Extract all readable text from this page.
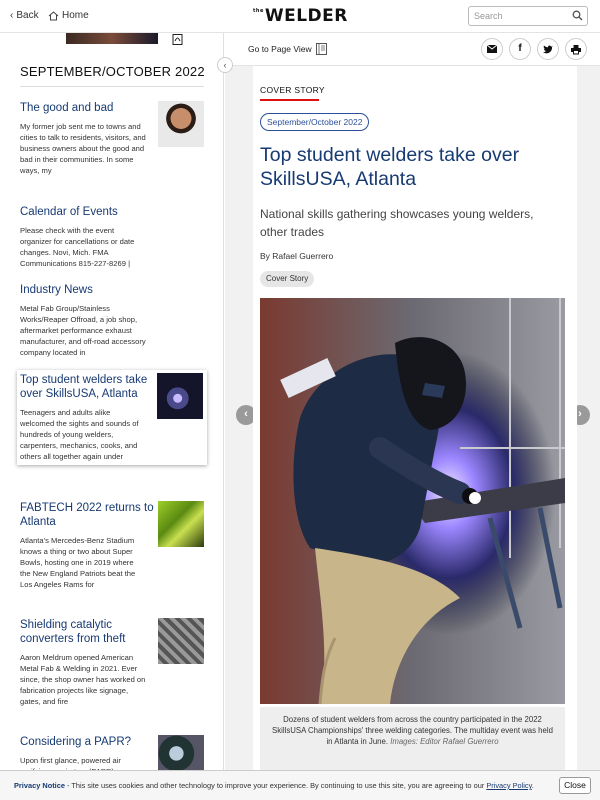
‹ Back Home	$^{the}$WELDER	Search
SEPTEMBER/OCTOBER 2022
The good and bad
My former job sent me to towns and cities to talk to residents, visitors, and business owners about the good and bad in their communities. In some ways, my
Calendar of Events
Please check with the event organizer for cancellations or date changes. Novi, Mich. FMA Communications 815-227-8269 |
Industry News
Metal Fab Group/Stainless Works/Reaper Offroad, a job shop, aftermarket performance exhaust manufacturer, and off-road accessory company located in
Top student welders take over SkillsUSA, Atlanta
Teenagers and adults alike welcomed the sights and sounds of hundreds of young welders, carpenters, mechanics, cooks, and others all together again under
FABTECH 2022 returns to Atlanta
Atlanta's Mercedes-Benz Stadium knows a thing or two about Super Bowls, hosting one in 2019 where the New England Patriots beat the Los Angeles Rams for
Shielding catalytic converters from theft
Aaron Meldrum opened American Metal Fab & Welding in 2021. Ever since, the shop owner has worked on fabrication projects like signage, gates, and fire
Considering a PAPR?
Upon first glance, powered air
‹
Go to Page View	f
‹	›
COVER STORY
September/October 2022
Top student welders take over SkillsUSA, Atlanta
National skills gathering showcases young welders, other trades
By Rafael Guerrero
Cover Story
Dozens of student welders from across the country participated in the 2022 SkillsUSA Championships' three welding categories. The multiday event was held in Atlanta in June. Images: Editor Rafael Guerrero
Privacy Notice - This site uses cookies and other technology to improve your experience. By continuing to use this site, you are agreeing to our Privacy Policy.	Close
